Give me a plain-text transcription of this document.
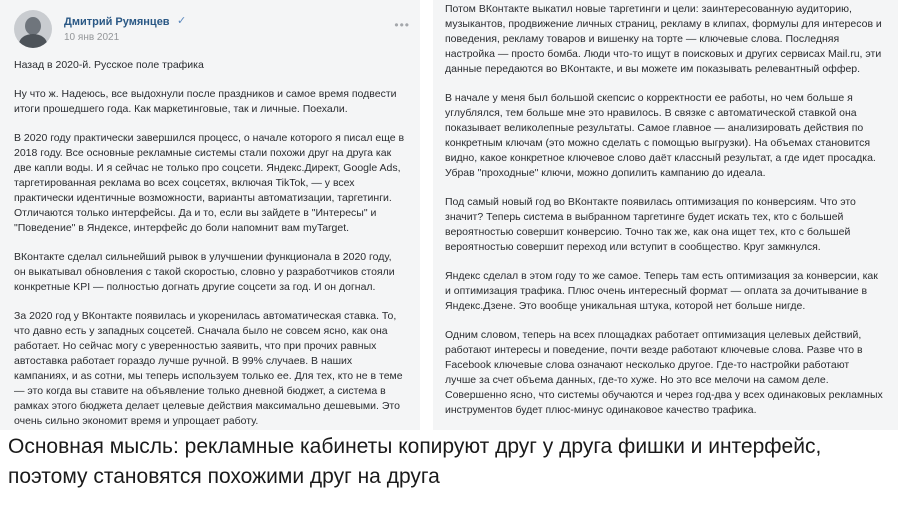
Дмитрий Румянцев ✓
10 янв 2021
•••

Назад в 2020-й. Русское поле трафика

Ну что ж. Надеюсь, все выдохнули после праздников и самое время подвести итоги прошедшего года. Как маркетинговые, так и личные. Поехали.

В 2020 году практически завершился процесс, о начале которого я писал еще в 2018 году. Все основные рекламные системы стали похожи друг на друга как две капли воды. И я сейчас не только про соцсети. Яндекс.Директ, Google Ads, таргетированная реклама во всех соцсетях, включая TikTok, — у всех практически идентичные возможности, варианты автоматизации, таргетинги. Отличаются только интерфейсы. Да и то, если вы зайдете в "Интересы" и "Поведение" в Яндексе, интерфейс до боли напомнит вам myTarget.

ВКонтакте сделал сильнейший рывок в улучшении функционала в 2020 году, он выкатывал обновления с такой скоростью, словно у разработчиков стояли конкретные KPI — полностью догнать другие соцсети за год. И он догнал.

За 2020 год у ВКонтакте появилась и укоренилась автоматическая ставка. То, что давно есть у западных соцсетей. Сначала было не совсем ясно, как она работает. Но сейчас могу с уверенностью заявить, что при прочих равных автоставка работает гораздо лучше ручной. В 99% случаев. В наших кампаниях, и as сотни, мы теперь используем только ее. Для тех, кто не в теме — это когда вы ставите на объявление только дневной бюджет, а система в рамках этого бюджета делает целевые действия максимально дешевыми. Это очень сильно экономит время и упрощает работу.

Потом ВКонтакте выкатил новые таргетинги и цели: заинтересованную аудиторию, музыкантов, продвижение личных страниц, рекламу в клипах, формулы для интересов и поведения, рекламу товаров и вишенку на торте — ключевые слова. Последняя настройка — просто бомба. Люди что-то ищут в поисковых и других сервисах Mail.ru, эти данные передаются во ВКонтакте, и вы можете им показывать релевантный оффер.

В начале у меня был большой скепсис о корректности ее работы, но чем больше я углублялся, тем больше мне это нравилось. В связке с автоматической ставкой она показывает великолепные результаты. Самое главное — анализировать действия по конкретным ключам (это можно сделать с помощью выгрузки). На объемах становится видно, какое конкретное ключевое слово даёт классный результат, а где идет просадка. Убрав "проходные" ключи, можно допилить кампанию до идеала.

Под самый новый год во ВКонтакте появилась оптимизация по конверсиям. Что это значит? Теперь система в выбранном таргетинге будет искать тех, кто с большей вероятностью совершит конверсию. Точно так же, как она ищет тех, кто с большей вероятностью совершит переход или вступит в сообщество. Круг замкнулся.

Яндекс сделал в этом году то же самое. Теперь там есть оптимизация за конверсии, как и оптимизация трафика. Плюс очень интересный формат — оплата за дочитывание в Яндекс.Дзене. Это вообще уникальная штука, которой нет больше нигде.

Одним словом, теперь на всех площадках работает оптимизация целевых действий, работают интересы и поведение, почти везде работают ключевые слова. Разве что в Facebook ключевые слова означают несколько другое. Где-то настройки работают лучше за счет объема данных, где-то хуже. Но это все мелочи на самом деле. Совершенно ясно, что системы обучаются и через год-два у всех одинаковых рекламных инструментов будет плюс-минус одинаковое качество трафика.

Основная мысль: рекламные кабинеты копируют друг у друга фишки и интерфейс, поэтому становятся похожими друг на друга
